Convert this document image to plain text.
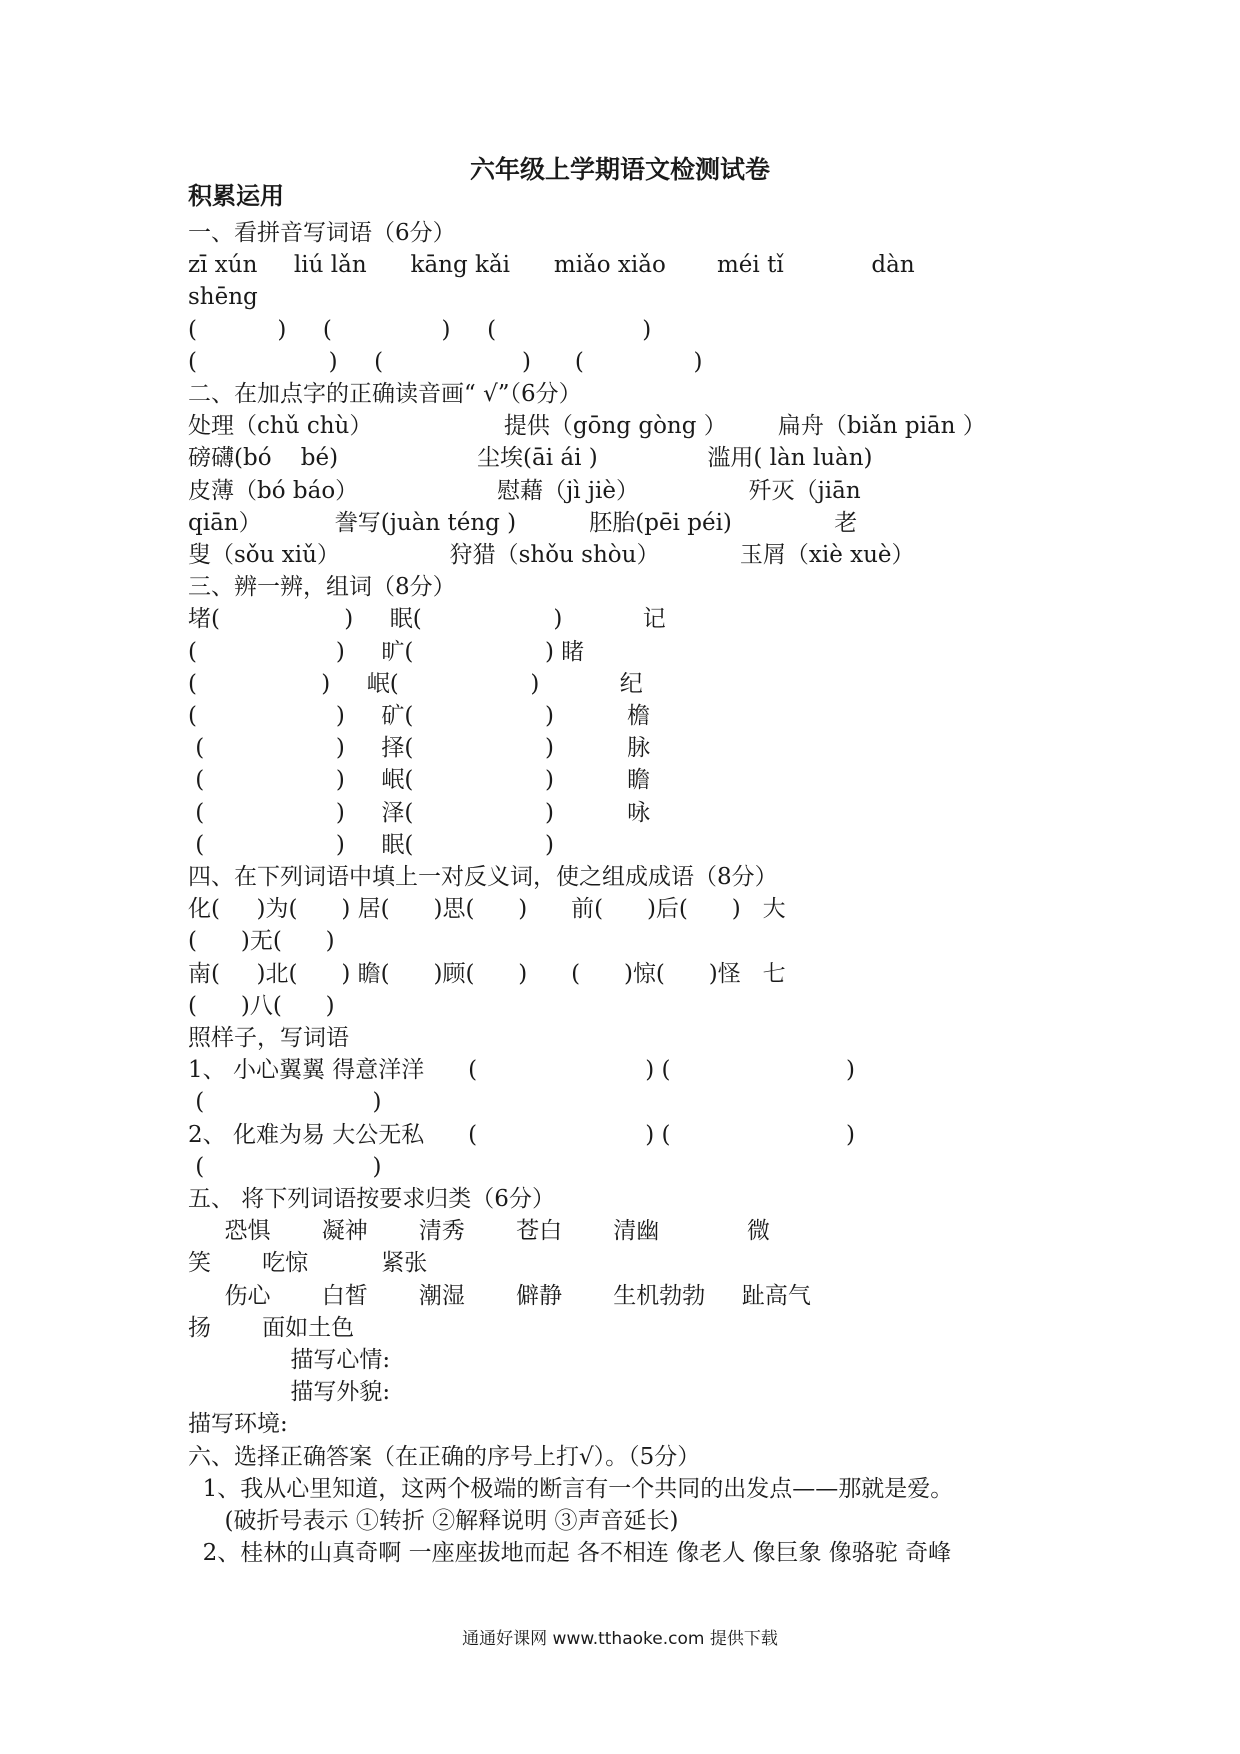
六年级上学期语文检测试卷
一、看拼音写词语（6分）
zī xún     liú lǎn      kāng kǎi      miǎo xiǎo       méi tǐ            dàn
shēng
(           )     (               )     (                    )
(                  )     (                   )      (               )
二、在加点字的正确读音画“ √”（6分）
处理（chǔ chù）                  提供（gōng gòng ）       扁舟（biǎn piān ）
磅礴(bó    bé)                   尘埃(āi ái )               滥用( làn luàn)
皮薄（bó báo）                   慰藉（jì jiè）               歼灭（jiān
qiān）          誊写(juàn téng )          胚胎(pēi péi)              老
叟（sǒu xiǔ）               狩猎（shǒu shòu）           玉屑（xiè xuè）
三、辨一辨，组词（8分）
堵(                 )     眠(                  )           记
(                   )     旷(                  ) 睹
(                 )     岷(                  )           纪
(                   )     矿(                  )          檐
(                  )     择(                  )          脉
(                  )     岷(                  )          瞻
(                  )     泽(                  )          咏
(                  )     眠(                  )
四、在下列词语中填上一对反义词，使之组成成语（8分）
化(     )为(      ) 居(      )思(      )      前(      )后(      )   大
(      )无(      )
南(     )北(      ) 瞻(      )顾(      )      (      )惊(      )怪   七
(      )八(      )
照样子，写词语
1、 小心翼翼 得意洋洋      (                       ) (                        )
(                       )
2、 化难为易 大公无私      (                       ) (                        )
(                       )
五、 将下列词语按要求归类（6分）
恐惧       凝神       清秀       苍白       清幽            微
笑       吃惊          紧张
伤心       白皙       潮湿       僻静       生机勃勃     趾高气
扬       面如土色
描写心情:
描写外貌:
描写环境:
六、选择正确答案（在正确的序号上打√）。（5分）
1、我从心里知道，这两个极端的断言有一个共同的出发点——那就是爱。
(破折号表示 ①转折 ②解释说明 ③声音延长)
2、桂林的山真奇啊 一座座拔地而起 各不相连 像老人 像巨象 像骆驼 奇峰
积累运用
通通好课网 www.tthaoke.com 提供下载
